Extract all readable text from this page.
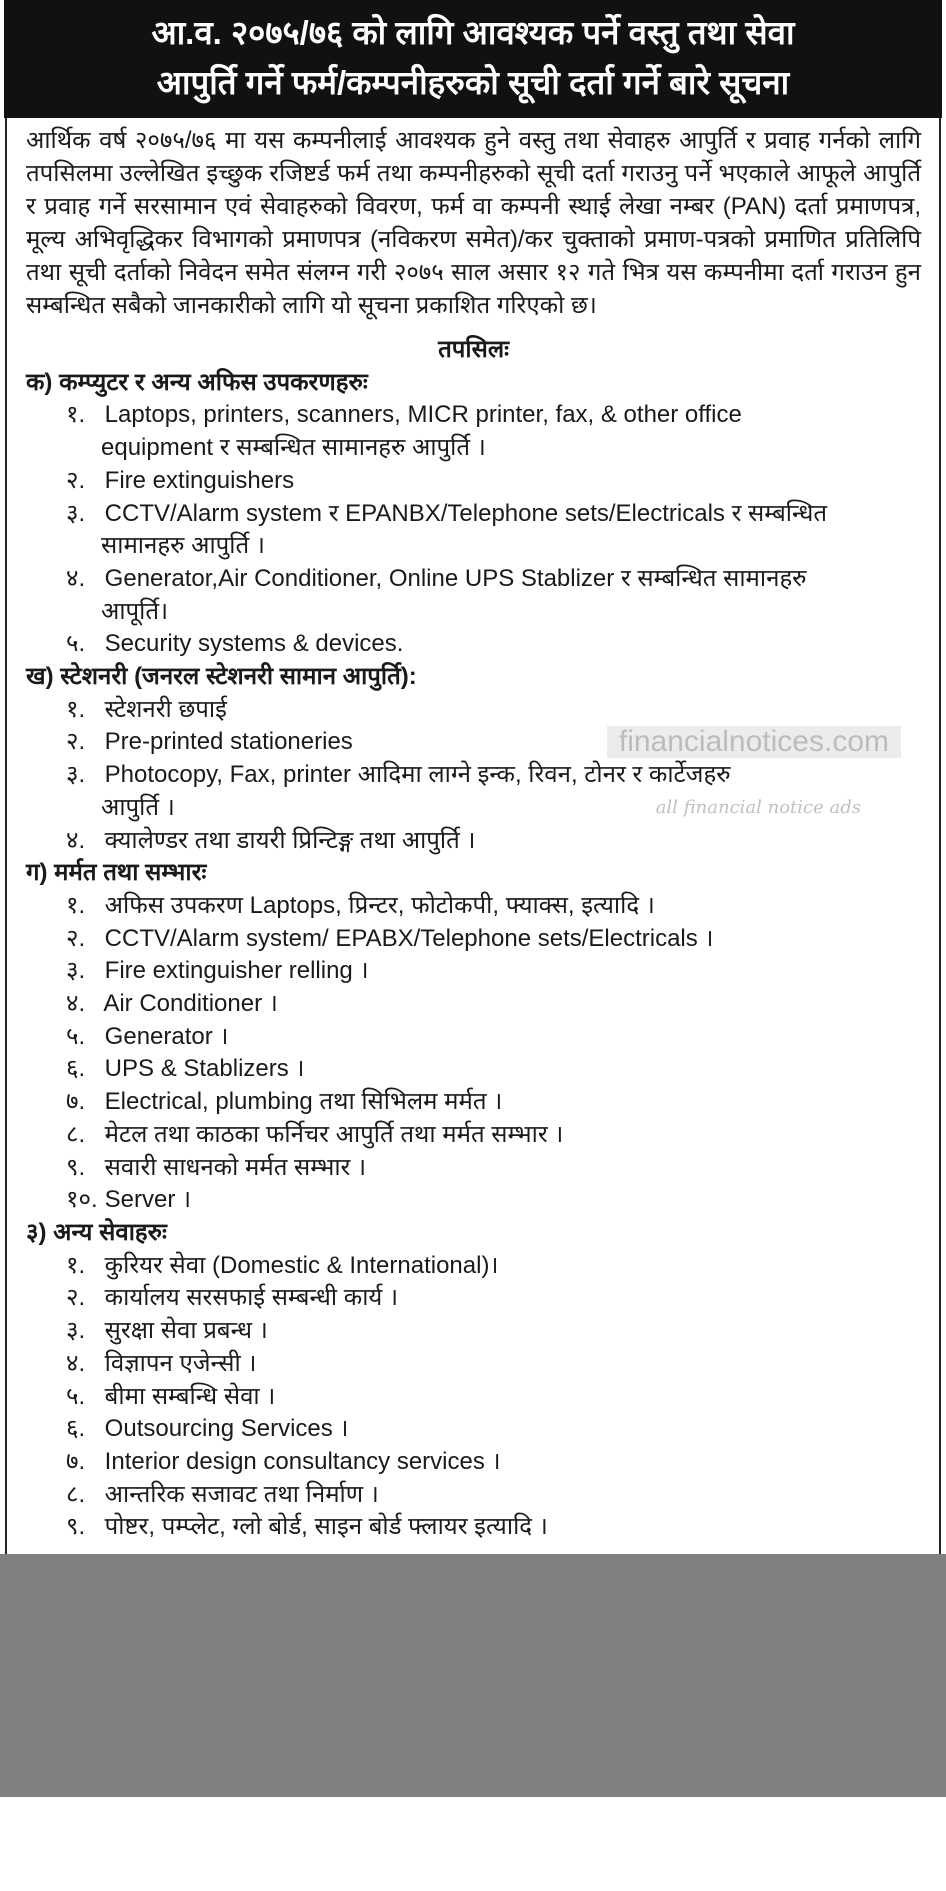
आ.व. २०७५/७६ को लागि आवश्यक पर्ने वस्तु तथा सेवा
आपुर्ति गर्ने फर्म/कम्पनीहरुको सूची दर्ता गर्ने बारे सूचना
आर्थिक वर्ष २०७५/७६ मा यस कम्पनीलाई आवश्यक हुने वस्तु तथा सेवाहरु आपुर्ति र प्रवाह गर्नको लागि तपसिलमा उल्लेखित इच्छुक रजिष्टर्ड फर्म तथा कम्पनीहरुको सूची दर्ता गराउनु पर्ने भएकाले आफूले आपुर्ति र प्रवाह गर्ने सरसामान एवं सेवाहरुको विवरण, फर्म वा कम्पनी स्थाई लेखा नम्बर (PAN) दर्ता प्रमाणपत्र, मूल्य अभिवृद्धिकर विभागको प्रमाणपत्र (नविकरण समेत)/कर चुक्ताको प्रमाण-पत्रको प्रमाणित प्रतिलिपि तथा सूची दर्ताको निवेदन समेत संलग्न गरी २०७५ साल असार १२ गते भित्र यस कम्पनीमा दर्ता गराउन हुन सम्बन्धित सबैको जानकारीको लागि यो सूचना प्रकाशित गरिएको छ।
तपसिलः
क) कम्प्युटर र अन्य अफिस उपकरणहरुः
१. Laptops, printers, scanners, MICR printer, fax, & other office
equipment र सम्बन्धित सामानहरु आपुर्ति ।
२. Fire extinguishers
३. CCTV/Alarm system र EPANBX/Telephone sets/Electricals र सम्बन्धित
सामानहरु आपुर्ति ।
४. Generator,Air Conditioner, Online UPS Stablizer र सम्बन्धित सामानहरु
आपूर्ति।
५. Security systems & devices.
ख) स्टेशनरी (जनरल स्टेशनरी सामान आपुर्ति):
१. स्टेशनरी छपाई
२. Pre-printed stationeries	financialnotices.com
३. Photocopy, Fax, printer आदिमा लाग्ने इन्क, रिवन, टोनर र कार्टेजहरु
आपुर्ति ।	all financial notice ads
४. क्यालेण्डर तथा डायरी प्रिन्टिङ्ग तथा आपुर्ति ।
ग) मर्मत तथा सम्भारः
१. अफिस उपकरण Laptops, प्रिन्टर, फोटोकपी, फ्याक्स, इत्यादि ।
२. CCTV/Alarm system/ EPABX/Telephone sets/Electricals ।
३. Fire extinguisher relling ।
४. Air Conditioner ।
५. Generator ।
६. UPS & Stablizers ।
७. Electrical, plumbing तथा सिभिलम मर्मत ।
८. मेटल तथा काठका फर्निचर आपुर्ति तथा मर्मत सम्भार ।
९. सवारी साधनको मर्मत सम्भार ।
१०. Server ।
३) अन्य सेवाहरुः
१. कुरियर सेवा (Domestic & International)।
२. कार्यालय सरसफाई सम्बन्धी कार्य ।
३. सुरक्षा सेवा प्रबन्ध ।
४. विज्ञापन एजेन्सी ।
५. बीमा सम्बन्धि सेवा ।
६. Outsourcing Services ।
७. Interior design consultancy services ।
८. आन्तरिक सजावट तथा निर्माण ।
९. पोष्टर, पम्प्लेट, ग्लो बोर्ड, साइन बोर्ड फ्लायर इत्यादि ।
